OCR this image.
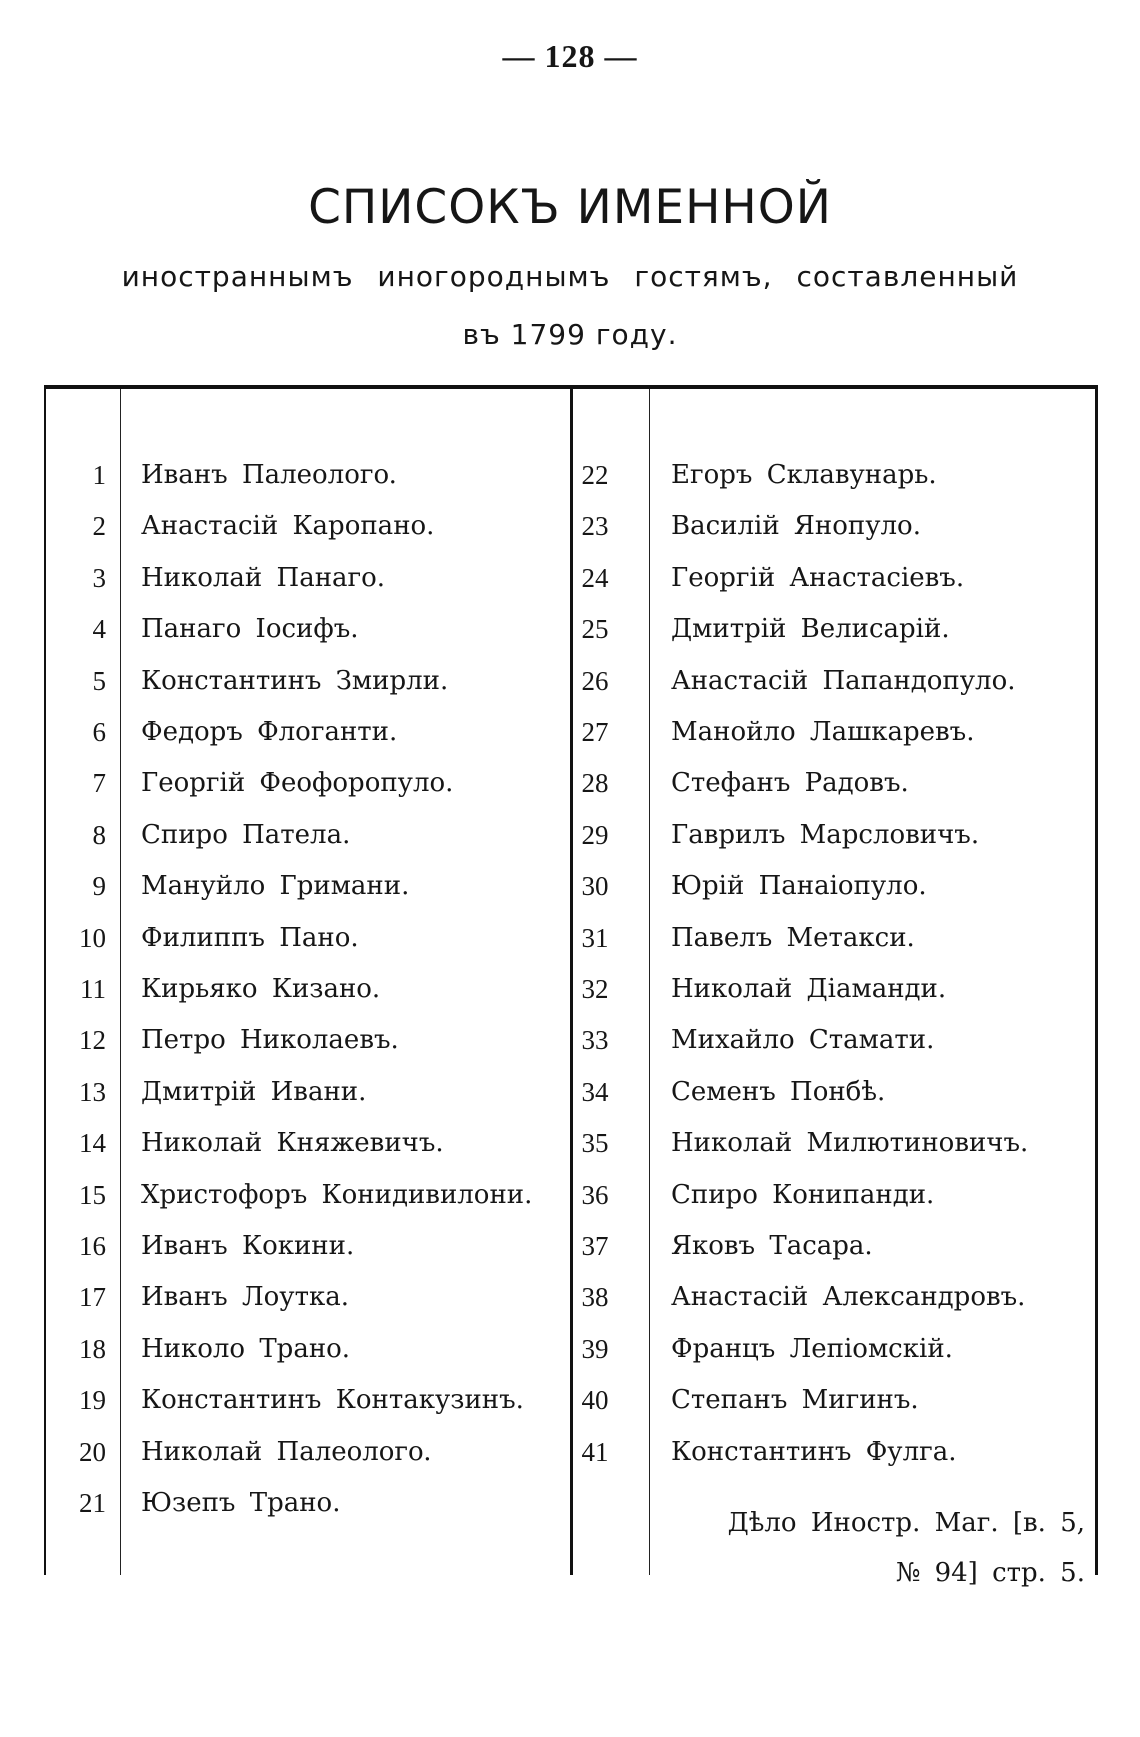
— 128 —
СПИСОКЪ ИМЕННОЙ
иностраннымъ иногороднымъ гостямъ, составленный
въ 1799 году.
1 Иванъ Палеологo.
2 Анастасій Каропано.
3 Николай Панаго.
4 Панаго Іосифъ.
5 Константинъ Змирли.
6 Федоръ Флоганти.
7 Георгій Феофоропуло.
8 Спиро Патела.
9 Мануйло Гримани.
10 Филиппъ Пано.
11 Кирьяко Кизано.
12 Петро Николаевъ.
13 Дмитрій Ивани.
14 Николай Княжевичъ.
15 Христофоръ Конидивилони.
16 Иванъ Кокини.
17 Иванъ Лоутка.
18 Николо Трано.
19 Константинъ Контакузинъ.
20 Николай Палеологo.
21 Юзепъ Трано.
22	Егоръ Склавунарь.
23	Василій Янопуло.
24	Георгій Анастасіевъ.
25	Дмитрій Велисарій.
26	Анастасій Папандопуло.
27	Манойло Лашкаревъ.
28	Стефанъ Радовъ.
29	Гаврилъ Марсловичъ.
30	Юрій Панаіопуло.
31	Павелъ Метакси.
32	Николай Діаманди.
33	Михайло Стамати.
34	Семенъ Понбѣ.
35	Николай Милютиновичъ.
36	Спиро Конипанди.
37	Яковъ Тасара.
38	Анастасій Александровъ.
39	Францъ Лепіомскій.
40	Степанъ Мигинъ.
41	Константинъ Фулга.
Дѣло Иностр. Маг. [в. 5,
№ 94] стр. 5.
